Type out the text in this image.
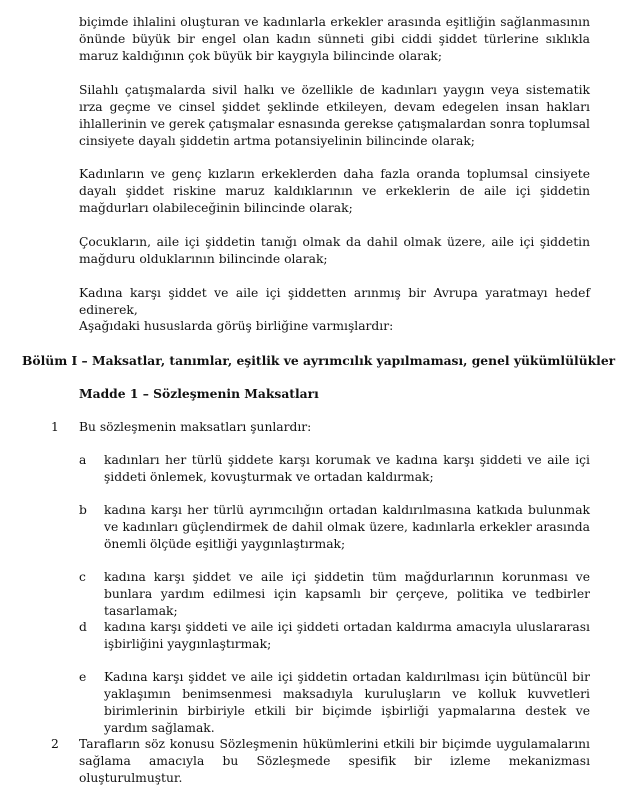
biçimde ihlalini oluşturan ve kadınlarla erkekler arasında eşitliğin sağlanmasının önünde büyük bir engel olan kadın sünneti gibi ciddi şiddet türlerine sıklıkla maruz kaldığının çok büyük bir kaygıyla bilincinde olarak;

Silahlı çatışmalarda sivil halkı ve özellikle de kadınları yaygın veya sistematik ırza geçme ve cinsel şiddet şeklinde etkileyen, devam edegelen insan hakları ihlallerinin ve gerek çatışmalar esnasında gerekse çatışmalardan sonra toplumsal cinsiyete dayalı şiddetin artma potansiyelinin bilincinde olarak;

Kadınların ve genç kızların erkeklerden daha fazla oranda toplumsal cinsiyete dayalı şiddet riskine maruz kaldıklarının ve erkeklerin de aile içi şiddetin mağdurları olabileceğinin bilincinde olarak;

Çocukların, aile içi şiddetin tanığı olmak da dahil olmak üzere, aile içi şiddetin mağduru olduklarının bilincinde olarak;

Kadına karşı şiddet ve aile içi şiddetten arınmış bir Avrupa yaratmayı hedef edinerek,

Aşağıdaki hususlarda görüş birliğine varmışlardır:

Bölüm I – Maksatlar, tanımlar, eşitlik ve ayrımcılık yapılmaması, genel yükümlülükler

Madde 1 – Sözleşmenin Maksatları

1 Bu sözleşmenin maksatları şunlardır:

a kadınları her türlü şiddete karşı korumak ve kadına karşı şiddeti ve aile içi şiddeti önlemek, kovuşturmak ve ortadan kaldırmak;

b kadına karşı her türlü ayrımcılığın ortadan kaldırılmasına katkıda bulunmak ve kadınları güçlendirmek de dahil olmak üzere, kadınlarla erkekler arasında önemli ölçüde eşitliği yaygınlaştırmak;

c kadına karşı şiddet ve aile içi şiddetin tüm mağdurlarının korunması ve bunlara yardım edilmesi için kapsamlı bir çerçeve, politika ve tedbirler tasarlamak;

d kadına karşı şiddeti ve aile içi şiddeti ortadan kaldırma amacıyla uluslararası işbirliğini yaygınlaştırmak;

e Kadına karşı şiddet ve aile içi şiddetin ortadan kaldırılması için bütüncül bir yaklaşımın benimsenmesi maksadıyla kuruluşların ve kolluk kuvvetleri birimlerinin birbiriyle etkili bir biçimde işbirliği yapmalarına destek ve yardım sağlamak.

2 Tarafların söz konusu Sözleşmenin hükümlerini etkili bir biçimde uygulamalarını sağlama amacıyla bu Sözleşmede spesifik bir izleme mekanizması oluşturulmuştur.
